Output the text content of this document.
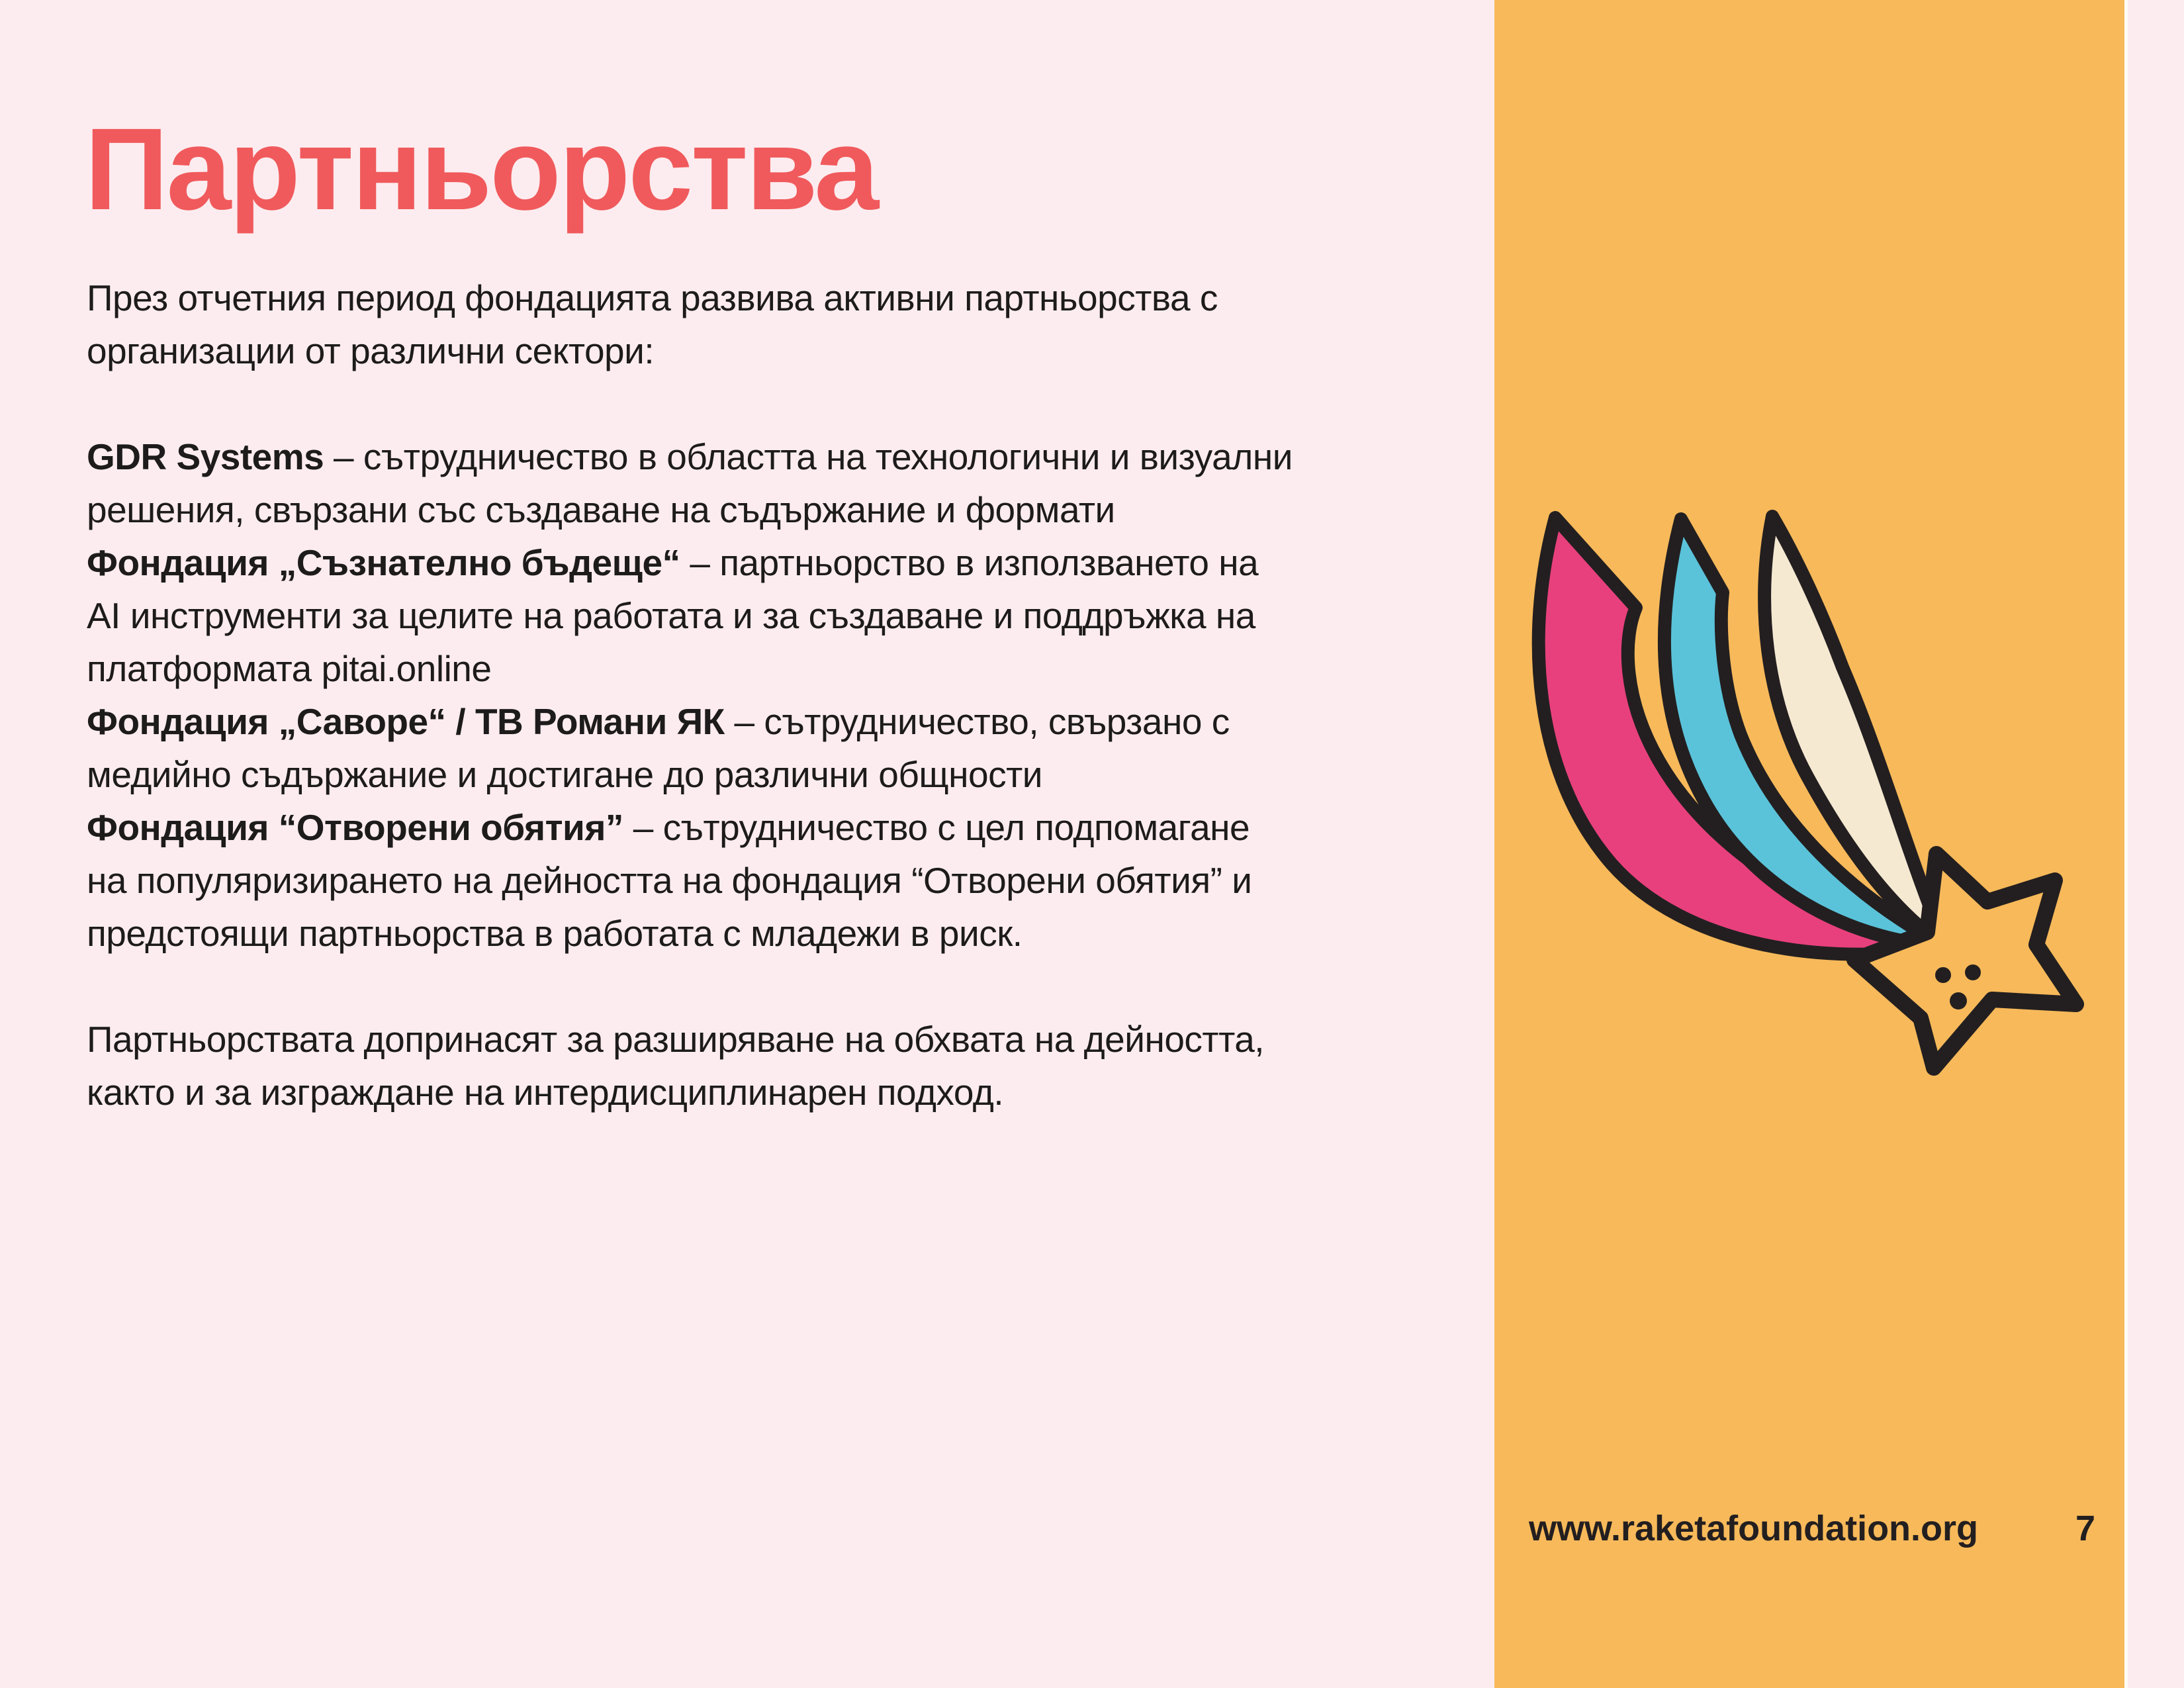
Партньорства
През отчетния период фондацията развива активни партньорства с
организации от различни сектори:
GDR Systems – сътрудничество в областта на технологични и визуални
решения, свързани със създаване на съдържание и формати
Фондация „Съзнателно бъдеще“ – партньорство в използването на
AI инструменти за целите на работата и за създаване и поддръжка на
платформата pitai.online
Фондация „Саворе“ / ТВ Романи ЯК – сътрудничество, свързано с
медийно съдържание и достигане до различни общности
Фондация “Отворени обятия” – сътрудничество с цел подпомагане
на популяризирането на дейността на фондация “Отворени обятия” и
предстоящи партньорства в работата с младежи в риск.
Партньорствата допринасят за разширяване на обхвата на дейността,
както и за изграждане на интердисциплинарен подход.
www.raketafoundation.org	7
